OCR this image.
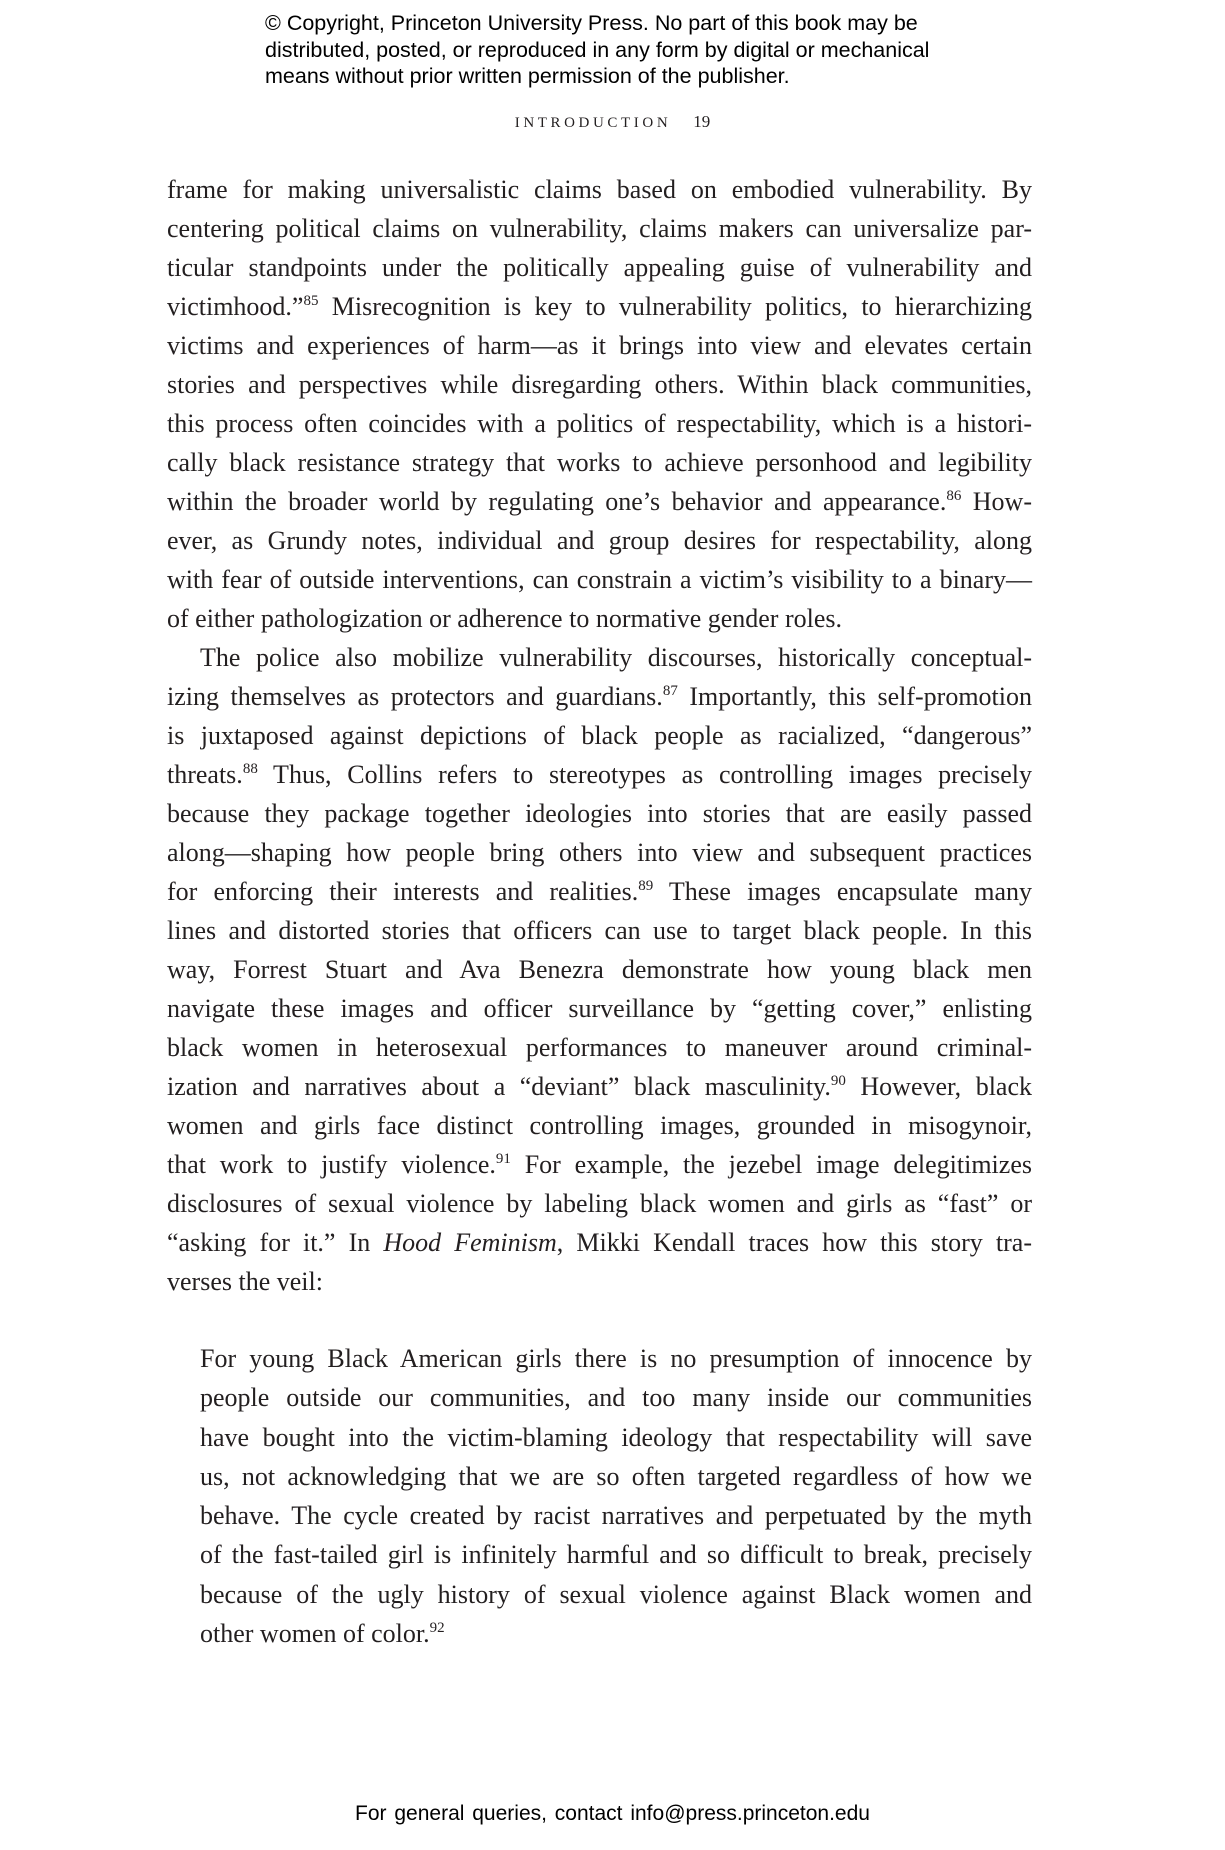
© Copyright, Princeton University Press. No part of this book may be
distributed, posted, or reproduced in any form by digital or mechanical
means without prior written permission of the publisher.
INTRODUCTION 19
frame for making universalistic claims based on embodied vulnerability. By
centering political claims on vulnerability, claims makers can universalize par-
ticular standpoints under the politically appealing guise of vulnerability and
victimhood.”$^{85}$ Misrecognition is key to vulnerability politics, to hierarchizing
victims and experiences of harm—as it brings into view and elevates certain
stories and perspectives while disregarding others. Within black communities,
this process often coincides with a politics of respectability, which is a histori-
cally black resistance strategy that works to achieve personhood and legibility
within the broader world by regulating one’s behavior and appearance.$^{86}$ How-
ever, as Grundy notes, individual and group desires for respectability, along
with fear of outside interventions, can constrain a victim’s visibility to a binary—
of either pathologization or adherence to normative gender roles.
The police also mobilize vulnerability discourses, historically conceptual-
izing themselves as protectors and guardians.$^{87}$ Importantly, this self-promotion
is juxtaposed against depictions of black people as racialized, “dangerous”
threats.$^{88}$ Thus, Collins refers to stereotypes as controlling images precisely
because they package together ideologies into stories that are easily passed
along—shaping how people bring others into view and subsequent practices
for enforcing their interests and realities.$^{89}$ These images encapsulate many
lines and distorted stories that officers can use to target black people. In this
way, Forrest Stuart and Ava Benezra demonstrate how young black men
navigate these images and officer surveillance by “getting cover,” enlisting
black women in heterosexual performances to maneuver around criminal-
ization and narratives about a “deviant” black masculinity.$^{90}$ However, black
women and girls face distinct controlling images, grounded in misogynoir,
that work to justify violence.$^{91}$ For example, the jezebel image delegitimizes
disclosures of sexual violence by labeling black women and girls as “fast” or
“asking for it.” In Hood Feminism, Mikki Kendall traces how this story tra-
verses the veil:
For young Black American girls there is no presumption of innocence by
people outside our communities, and too many inside our communities
have bought into the victim-blaming ideology that respectability will save
us, not acknowledging that we are so often targeted regardless of how we
behave. The cycle created by racist narratives and perpetuated by the myth
of the fast-tailed girl is infinitely harmful and so difficult to break, precisely
because of the ugly history of sexual violence against Black women and
other women of color.$^{92}$
For general queries, contact info@press.princeton.edu
